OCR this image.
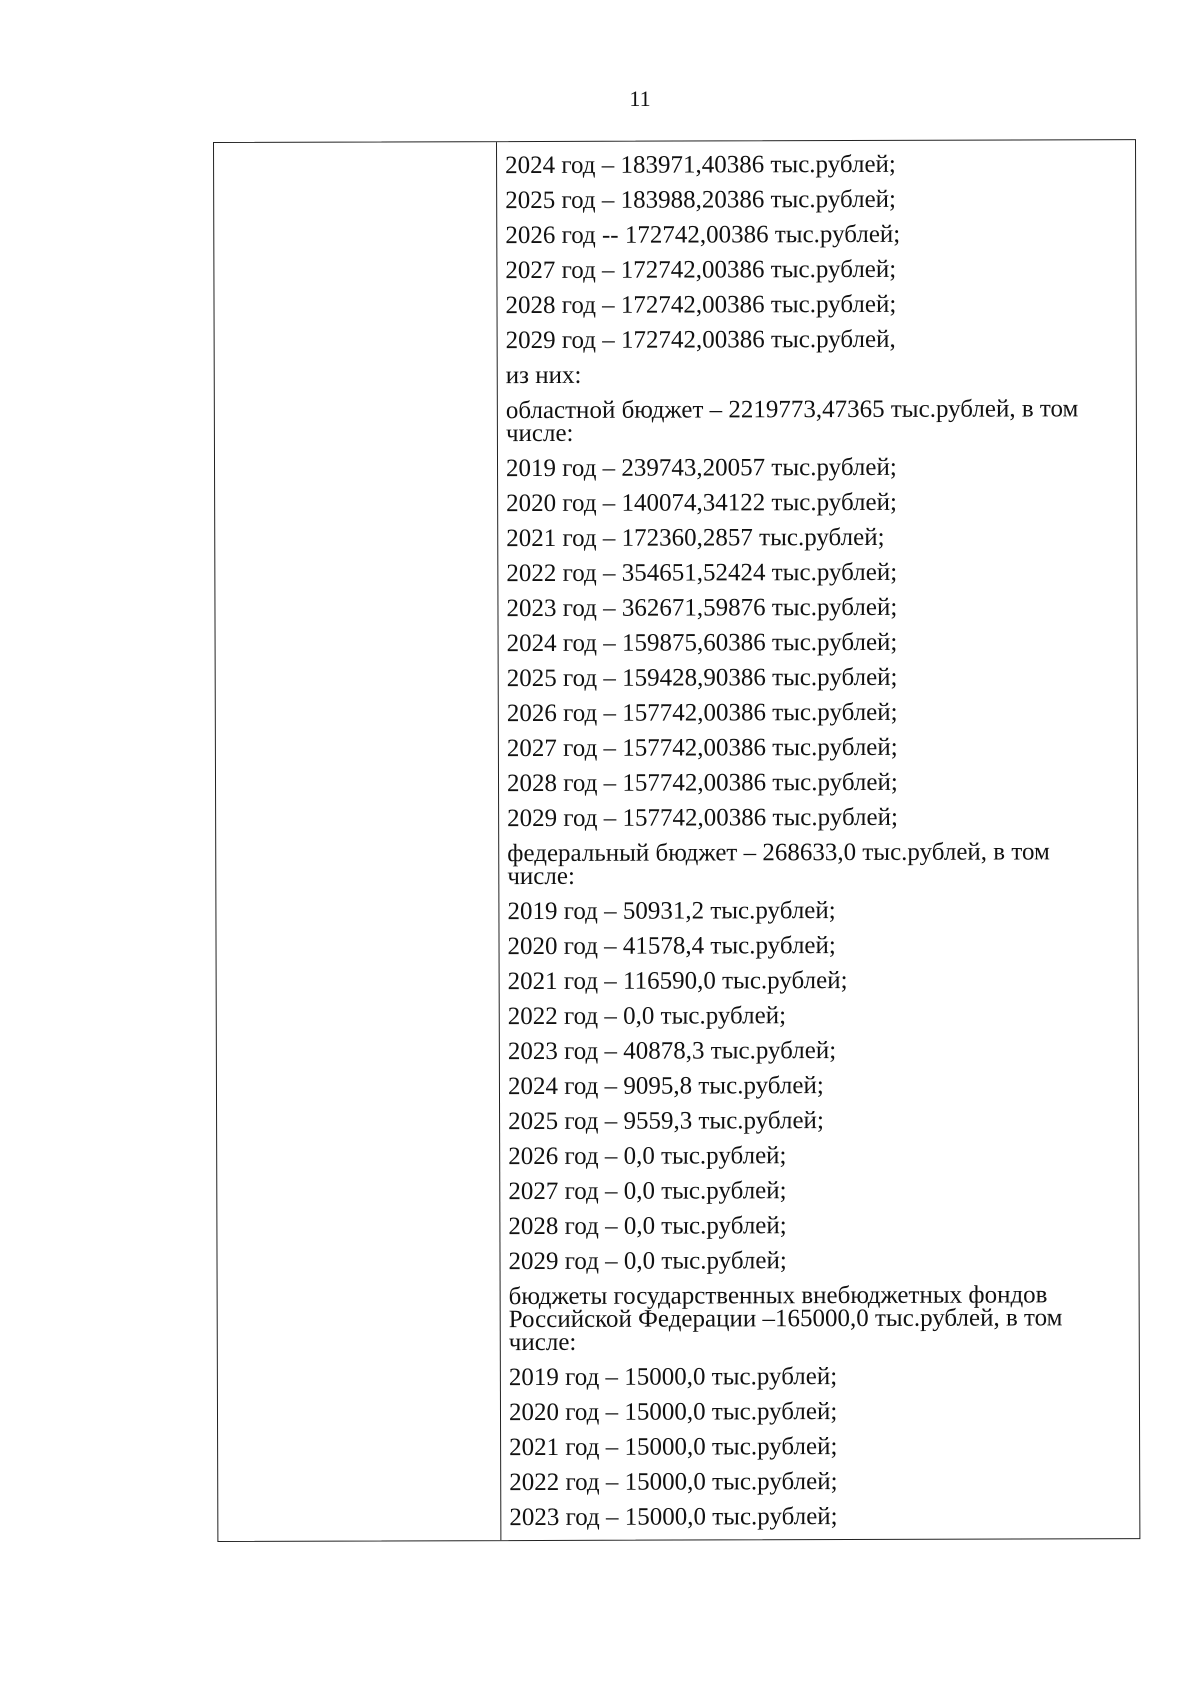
11
2024 год – 183971,40386 тыс.рублей;
2025 год – 183988,20386 тыс.рублей;
2026 год -- 172742,00386 тыс.рублей;
2027 год – 172742,00386 тыс.рублей;
2028 год – 172742,00386 тыс.рублей;
2029 год – 172742,00386 тыс.рублей,
из них:
областной бюджет – 2219773,47365 тыс.рублей, в том числе:
2019 год – 239743,20057 тыс.рублей;
2020 год – 140074,34122 тыс.рублей;
2021 год – 172360,2857 тыс.рублей;
2022 год – 354651,52424 тыс.рублей;
2023 год – 362671,59876 тыс.рублей;
2024 год – 159875,60386 тыс.рублей;
2025 год – 159428,90386 тыс.рублей;
2026 год – 157742,00386 тыс.рублей;
2027 год – 157742,00386 тыс.рублей;
2028 год – 157742,00386 тыс.рублей;
2029 год – 157742,00386 тыс.рублей;
федеральный бюджет – 268633,0 тыс.рублей, в том числе:
2019 год – 50931,2 тыс.рублей;
2020 год – 41578,4 тыс.рублей;
2021 год – 116590,0 тыс.рублей;
2022 год – 0,0 тыс.рублей;
2023 год – 40878,3 тыс.рублей;
2024 год – 9095,8 тыс.рублей;
2025 год – 9559,3 тыс.рублей;
2026 год – 0,0 тыс.рублей;
2027 год – 0,0 тыс.рублей;
2028 год – 0,0 тыс.рублей;
2029 год – 0,0 тыс.рублей;
бюджеты государственных внебюджетных фондов Российской Федерации –165000,0 тыс.рублей, в том числе:
2019 год – 15000,0 тыс.рублей;
2020 год – 15000,0 тыс.рублей;
2021 год – 15000,0 тыс.рублей;
2022 год – 15000,0 тыс.рублей;
2023 год – 15000,0 тыс.рублей;
